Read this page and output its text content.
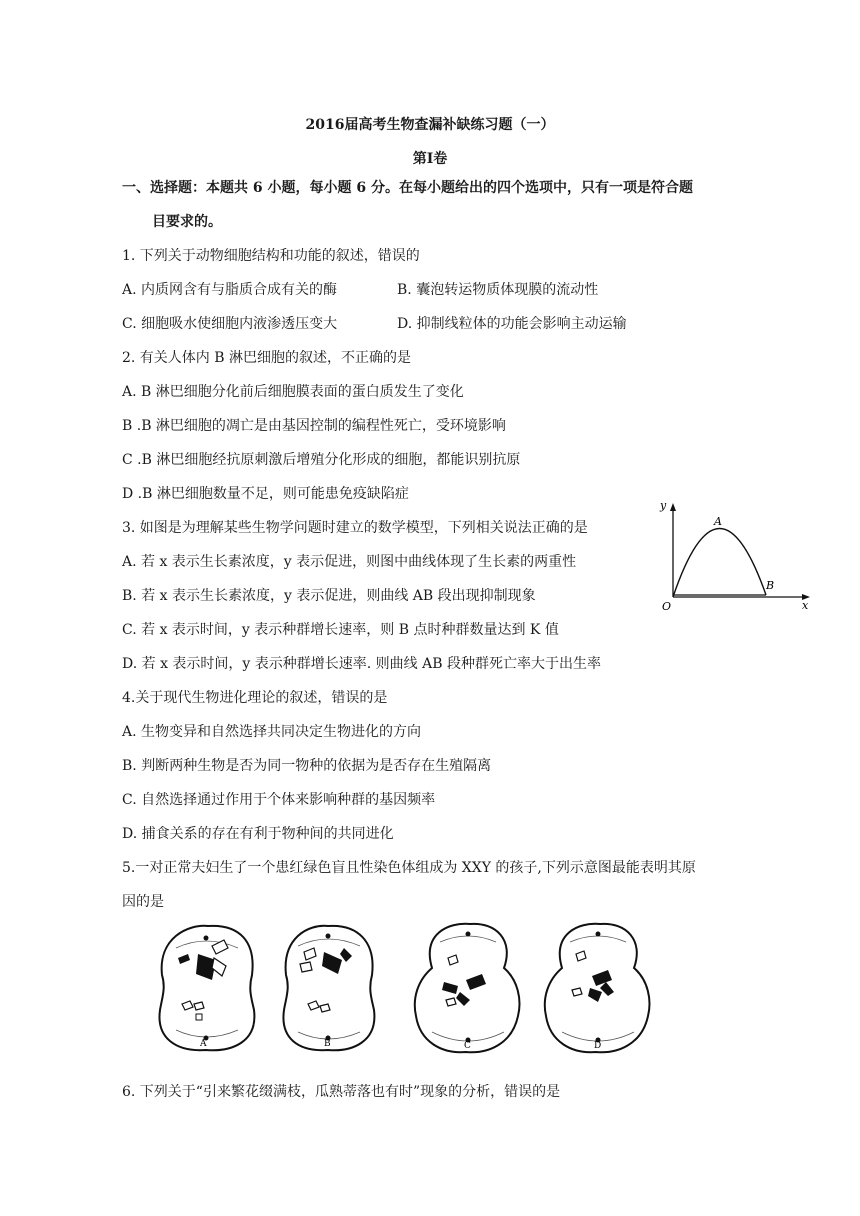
2016届高考生物查漏补缺练习题（一）
第Ⅰ卷
一、选择题：本题共 6 小题，每小题 6 分。在每小题给出的四个选项中，只有一项是符合题
目要求的。
1. 下列关于动物细胞结构和功能的叙述，错误的
A. 内质网含有与脂质合成有关的酶	B. 囊泡转运物质体现膜的流动性
C. 细胞吸水使细胞内液渗透压变大	D. 抑制线粒体的功能会影响主动运输
2. 有关人体内 B 淋巴细胞的叙述，不正确的是
A. B 淋巴细胞分化前后细胞膜表面的蛋白质发生了变化
B .B 淋巴细胞的凋亡是由基因控制的编程性死亡，受环境影响
C .B 淋巴细胞经抗原刺激后增殖分化形成的细胞，都能识别抗原
D .B 淋巴细胞数量不足，则可能患免疫缺陷症
3. 如图是为理解某些生物学问题时建立的数学模型，下列相关说法正确的是
A. 若 x 表示生长素浓度，y 表示促进，则图中曲线体现了生长素的两重性
B. 若 x 表示生长素浓度，y 表示促进，则曲线 AB 段出现抑制现象
C. 若 x 表示时间，y 表示种群增长速率，则 B 点时种群数量达到 K 值
D. 若 x 表示时间，y 表示种群增长速率. 则曲线 AB 段种群死亡率大于出生率
y
x
O
A
B
4.关于现代生物进化理论的叙述，错误的是
A. 生物变异和自然选择共同决定生物进化的方向
B. 判断两种生物是否为同一物种的依据为是否存在生殖隔离
C. 自然选择通过作用于个体来影响种群的基因频率
D. 捕食关系的存在有利于物种间的共同进化
5.一对正常夫妇生了一个患红绿色盲且性染色体组成为 XXY 的孩子,下列示意图最能表明其原
因的是
A	B	C	D
6. 下列关于“引来繁花缀满枝，瓜熟蒂落也有时”现象的分析，错误的是
